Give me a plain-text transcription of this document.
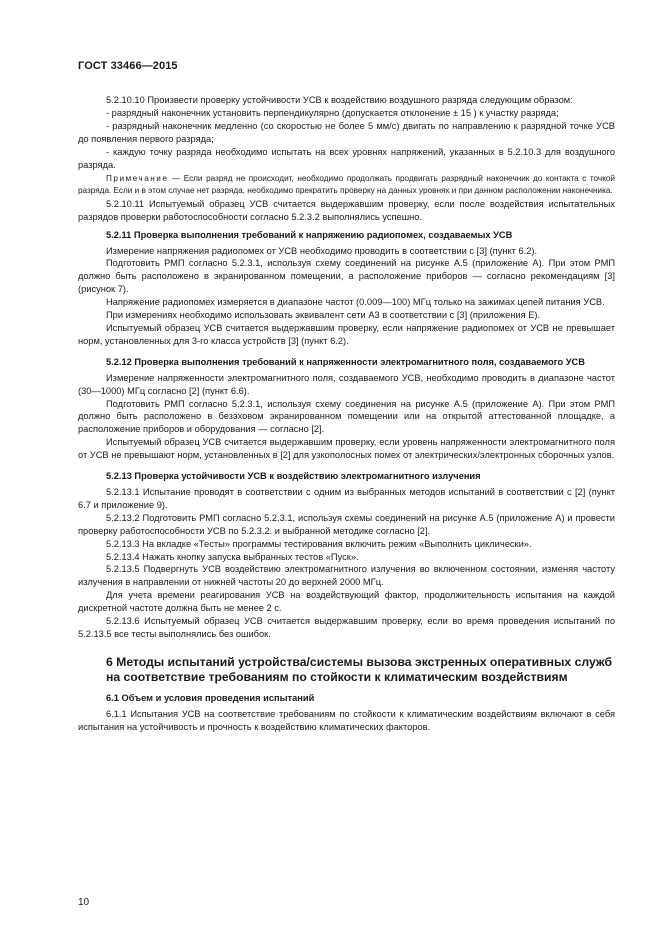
ГОСТ 33466—2015

5.2.10.10 Произвести проверку устойчивости УСВ к воздействию воздушного разряда следующим образом:

- разрядный наконечник установить перпендикулярно (допускается отклонение ± 15 ) к участку разряда;

- разрядный наконечник медленно (со скоростью не более 5 мм/с) двигать по направлению к разрядной точке УСВ до появления первого разряда;

- каждую точку разряда необходимо испытать на всех уровнях напряжений, указанных в 5.2.10.3 для воздушного разряда.

Примечание — Если разряд не происходит, необходимо продолжать продвигать разрядный наконечник до контакта с точкой разряда. Если и в этом случае нет разряда, необходимо прекратить проверку на данных уровнях и при данном расположении наконечника.

5.2.10.11 Испытуемый образец УСВ считается выдержавшим проверку, если после воздействия испытательных разрядов проверки работоспособности согласно 5.2.3.2 выполнялись успешно.

5.2.11 Проверка выполнения требований к напряжению радиопомех, создаваемых УСВ

Измерение напряжения радиопомех от УСВ необходимо проводить в соответствии с [3] (пункт 6.2).

Подготовить РМП согласно 5.2.3.1, используя схему соединений на рисунке А.5 (приложение А). При этом РМП должно быть расположено в экранированном помещении, а расположение приборов — согласно рекомендациям [3] (рисунок 7).

Напряжение радиопомех измеряется в диапазоне частот (0.009—100) МГц только на зажимах цепей питания УСВ.

При измерениях необходимо использовать эквивалент сети А3 в соответствии с [3] (приложения Е).

Испытуемый образец УСВ считается выдержавшим проверку, если напряжение радиопомех от УСВ не превышает норм, установленных для 3-го класса устройств [3] (пункт 6.2).

5.2.12 Проверка выполнения требований к напряженности электромагнитного поля, создаваемого УСВ

Измерение напряженности электромагнитного поля, создаваемого УСВ, необходимо проводить в диапазоне частот (30—1000) МГц согласно [2] (пункт 6.6).

Подготовить РМП согласно 5.2.3.1, используя схему соединения на рисунке А.5 (приложение А). При этом РМП должно быть расположено в безэховом экранированном помещении или на открытой аттестованной площадке, а расположение приборов и оборудования — согласно [2].

Испытуемый образец УСВ считается выдержавшим проверку, если уровень напряженности электромагнитного поля от УСВ не превышают норм, установленных в [2] для узкополосных помех от электрических/электронных сборочных узлов.

5.2.13 Проверка устойчивости УСВ к воздействию электромагнитного излучения

5.2.13.1 Испытание проводят в соответствии с одним из выбранных методов испытаний в соответствии с [2] (пункт 6.7 и приложение 9).

5.2.13.2 Подготовить РМП согласно 5.2.3.1, используя схемы соединений на рисунке А.5 (приложение А) и провести проверку работоспособности УСВ по 5.2.3.2. и выбранной методике согласно [2].

5.2.13.3 На вкладке «Тесты» программы тестирования включить режим «Выполнить циклически».

5.2.13.4 Нажать кнопку запуска выбранных тестов «Пуск».

5.2.13.5 Подвергнуть УСВ воздействию электромагнитного излучения во включенном состоянии, изменяя частоту излучения в направлении от нижней частоты 20 до верхней 2000 МГц.

Для учета времени реагирования УСВ на воздействующий фактор, продолжительность испытания на каждой дискретной частоте должна быть не менее 2 с.

5.2.13.6 Испытуемый образец УСВ считается выдержавшим проверку, если во время проведения испытаний по 5.2.13.5 все тесты выполнялись без ошибок.

6 Методы испытаний устройства/системы вызова экстренных оперативных служб на соответствие требованиям по стойкости к климатическим воздействиям
6.1 Объем и условия проведения испытаний

6.1.1 Испытания УСВ на соответствие требованиям по стойкости к климатическим воздействиям включают в себя испытания на устойчивость и прочность к воздействию климатических факторов.

10
